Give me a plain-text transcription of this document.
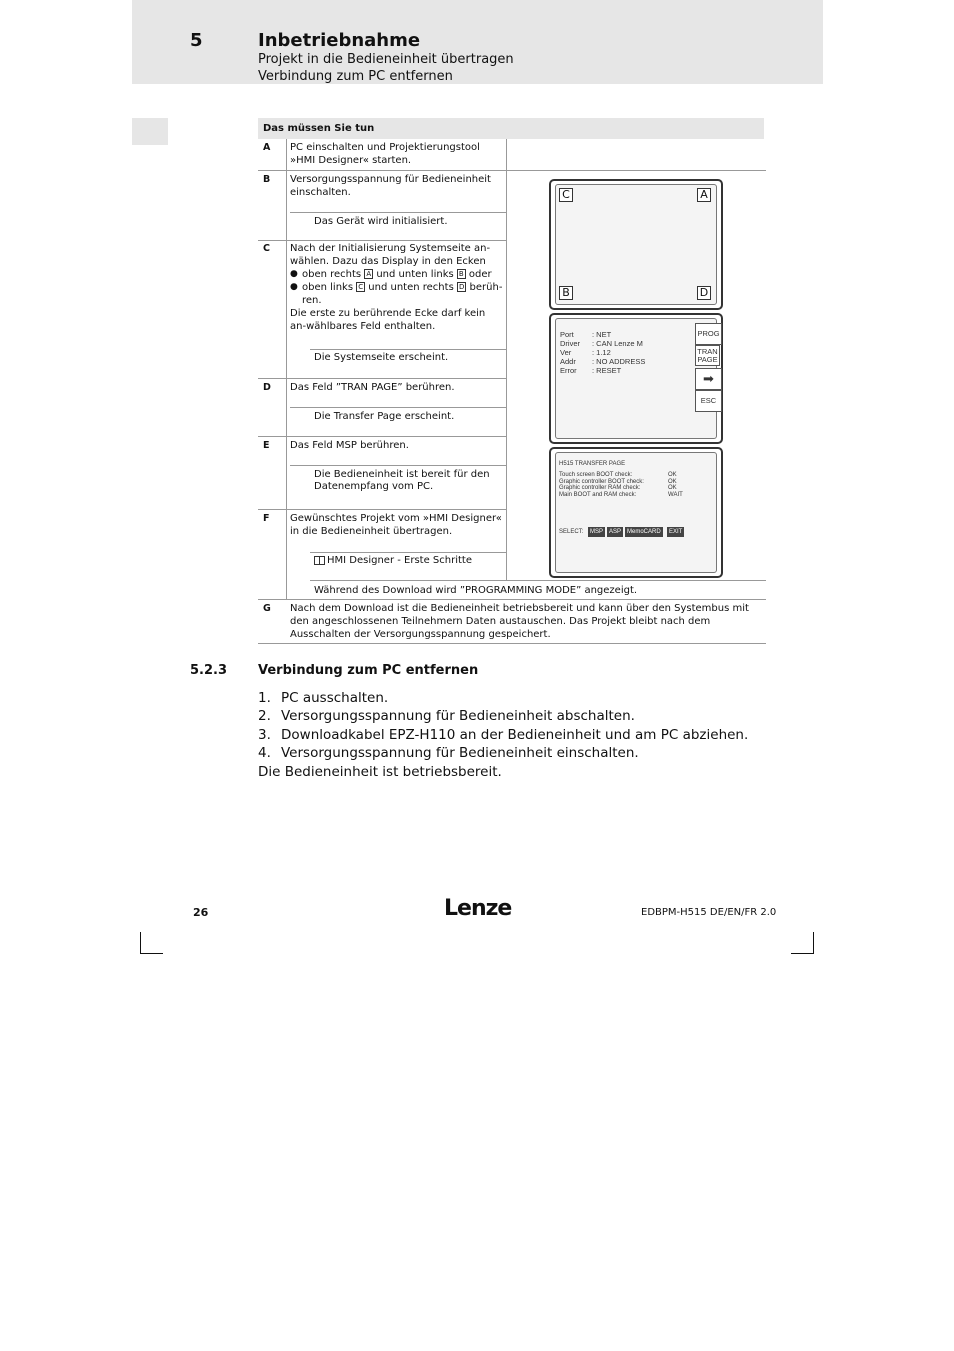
5	Inbetriebnahme
Projekt in die Bedieneinheit übertragen
Verbindung zum PC entfernen
Das müssen Sie tun
A PC einschalten und Projektierungstool »HMI Designer« starten.
B Versorgungsspannung für Bedieneinheit einschalten.
Das Gerät wird initialisiert.
C Nach der Initialisierung Systemseite an-wählen. Dazu das Display in den Ecken
● oben rechts A und unten links B oder
● oben links C und unten rechts D berüh-ren.
Die erste zu berührende Ecke darf kein an-wählbares Feld enthalten.
Die Systemseite erscheint.
D Das Feld ”TRAN PAGE” berühren.
Die Transfer Page erscheint.
E Das Feld MSP berühren.
Die Bedieneinheit ist bereit für den Datenempfang vom PC.
F Gewünschtes Projekt vom »HMI Designer« in die Bedieneinheit übertragen.
HMI Designer - Erste Schritte
Während des Download wird ”PROGRAMMING MODE” angezeigt.
G Nach dem Download ist die Bedieneinheit betriebsbereit und kann über den Systembus mit den angeschlossenen Teilnehmern Daten austauschen. Das Projekt bleibt nach dem Ausschalten der Versorgungsspannung gespeichert.
C	A
B	D
Port : NET
Driver : CAN Lenze M
Ver	: 1.12
Addr : NO ADDRESS
Error : RESET
PROG
TRAN
PAGE
➡
ESC
H515 TRANSFER PAGE
Touch screen BOOT check:	OK
Graphic controller BOOT check:	OK
Graphic controller RAM check:	OK
Main BOOT and RAM check:	WAIT
SELECT:	MSP ASP MemoCARD	EXIT
5.2.3 Verbindung zum PC entfernen
1. PC ausschalten.
2. Versorgungsspannung für Bedieneinheit abschalten.
3. Downloadkabel EPZ-H110 an der Bedieneinheit und am PC abziehen.
4. Versorgungsspannung für Bedieneinheit einschalten.
Die Bedieneinheit ist betriebsbereit.
26	Lenze	EDBPM-H515 DE/EN/FR 2.0
